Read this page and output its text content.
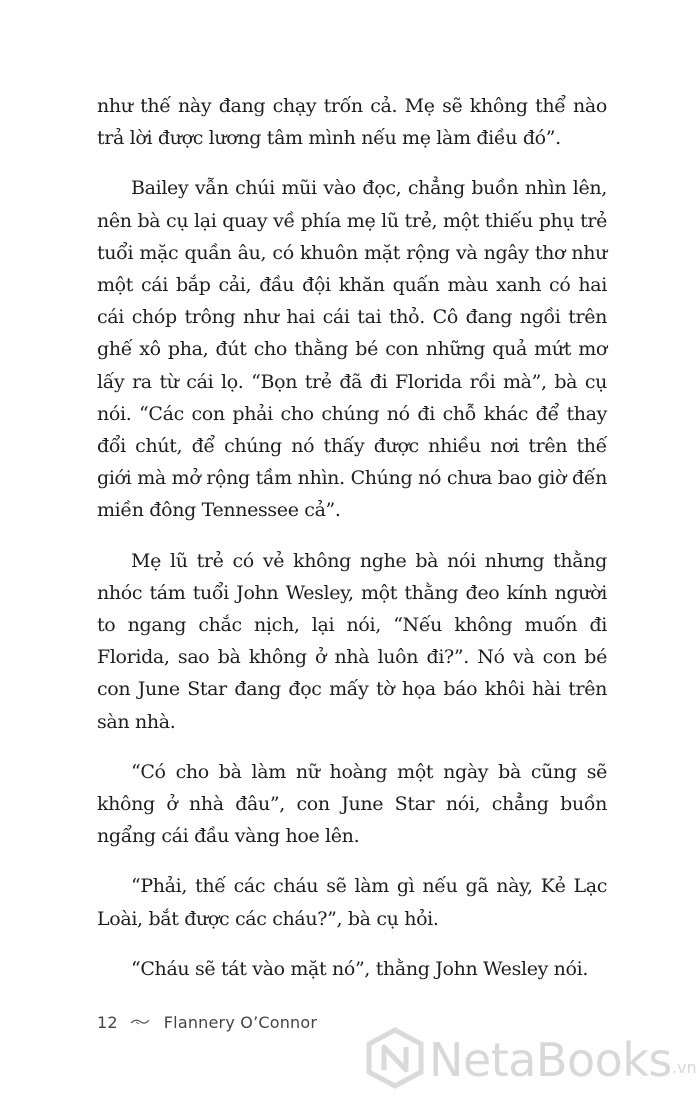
như thế này đang chạy trốn cả. Mẹ sẽ không thể nào trả lời được lương tâm mình nếu mẹ làm điều đó”.

Bailey vẫn chúi mũi vào đọc, chẳng buồn nhìn lên, nên bà cụ lại quay về phía mẹ lũ trẻ, một thiếu phụ trẻ tuổi mặc quần âu, có khuôn mặt rộng và ngây thơ như một cái bắp cải, đầu đội khăn quấn màu xanh có hai cái chóp trông như hai cái tai thỏ. Cô đang ngồi trên ghế xô pha, đút cho thằng bé con những quả mứt mơ lấy ra từ cái lọ. “Bọn trẻ đã đi Florida rồi mà”, bà cụ nói. “Các con phải cho chúng nó đi chỗ khác để thay đổi chút, để chúng nó thấy được nhiều nơi trên thế giới mà mở rộng tầm nhìn. Chúng nó chưa bao giờ đến miền đông Tennessee cả”.

Mẹ lũ trẻ có vẻ không nghe bà nói nhưng thằng nhóc tám tuổi John Wesley, một thằng đeo kính người to ngang chắc nịch, lại nói, “Nếu không muốn đi Florida, sao bà không ở nhà luôn đi?”. Nó và con bé con June Star đang đọc mấy tờ họa báo khôi hài trên sàn nhà.

“Có cho bà làm nữ hoàng một ngày bà cũng sẽ không ở nhà đâu”, con June Star nói, chẳng buồn ngẩng cái đầu vàng hoe lên.

“Phải, thế các cháu sẽ làm gì nếu gã này, Kẻ Lạc Loài, bắt được các cháu?”, bà cụ hỏi.

“Cháu sẽ tát vào mặt nó”, thằng John Wesley nói.

12	Flannery O’Connor
NetaBooks .vn
